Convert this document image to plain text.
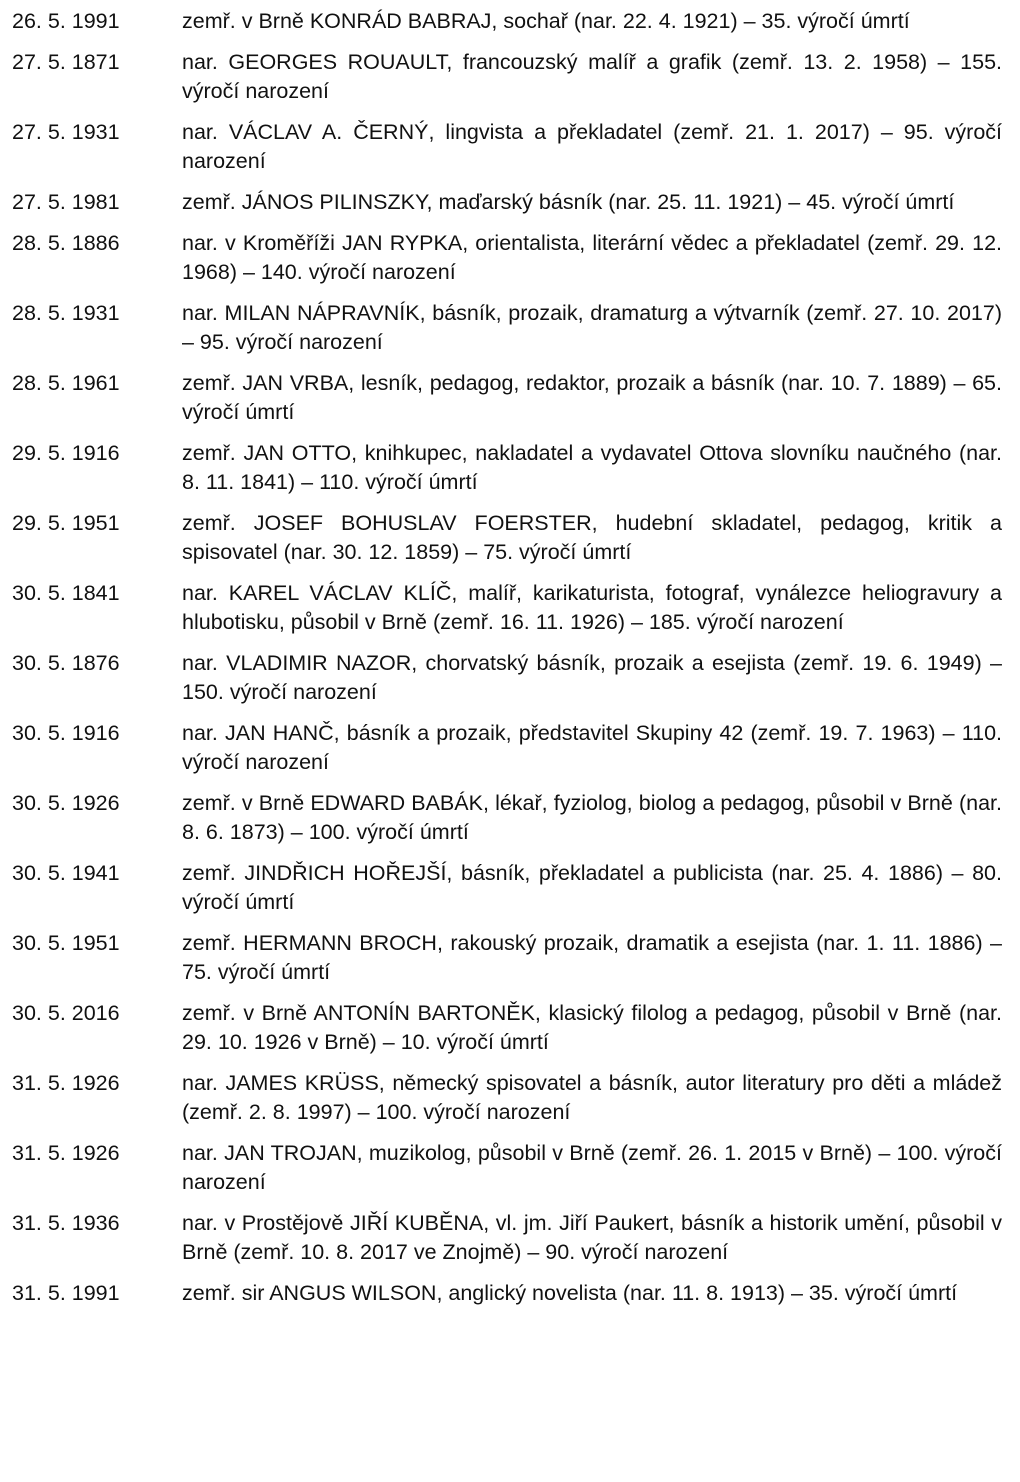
26. 5. 1991	zemř. v Brně KONRÁD BABRAJ, sochař (nar. 22. 4. 1921) – 35. výročí úmrtí
27. 5. 1871	nar. GEORGES ROUAULT, francouzský malíř a grafik (zemř. 13. 2. 1958) – 155. výročí narození
27. 5. 1931	nar. VÁCLAV A. ČERNÝ, lingvista a překladatel (zemř. 21. 1. 2017) – 95. výročí narození
27. 5. 1981	zemř. JÁNOS PILINSZKY, maďarský básník (nar. 25. 11. 1921) – 45. výročí úmrtí
28. 5. 1886	nar. v Kroměříži JAN RYPKA, orientalista, literární vědec a překladatel (zemř. 29. 12. 1968) – 140. výročí narození
28. 5. 1931	nar. MILAN NÁPRAVNÍK, básník, prozaik, dramaturg a výtvarník (zemř. 27. 10. 2017) – 95. výročí narození
28. 5. 1961	zemř. JAN VRBA, lesník, pedagog, redaktor, prozaik a básník (nar. 10. 7. 1889) – 65. výročí úmrtí
29. 5. 1916	zemř. JAN OTTO, knihkupec, nakladatel a vydavatel Ottova slovníku naučného (nar. 8. 11. 1841) – 110. výročí úmrtí
29. 5. 1951	zemř. JOSEF BOHUSLAV FOERSTER, hudební skladatel, pedagog, kritik a spisovatel (nar. 30. 12. 1859) – 75. výročí úmrtí
30. 5. 1841	nar. KAREL VÁCLAV KLÍČ, malíř, karikaturista, fotograf, vynálezce heliogravury a hlubotisku, působil v Brně (zemř. 16. 11. 1926) – 185. výročí narození
30. 5. 1876	nar. VLADIMIR NAZOR, chorvatský básník, prozaik a esejista (zemř. 19. 6. 1949) – 150. výročí narození
30. 5. 1916	nar. JAN HANČ, básník a prozaik, představitel Skupiny 42 (zemř. 19. 7. 1963) – 110. výročí narození
30. 5. 1926	zemř. v Brně EDWARD BABÁK, lékař, fyziolog, biolog a pedagog, působil v Brně (nar. 8. 6. 1873) – 100. výročí úmrtí
30. 5. 1941	zemř. JINDŘICH HOŘEJŠÍ, básník, překladatel a publicista (nar. 25. 4. 1886) – 80. výročí úmrtí
30. 5. 1951	zemř. HERMANN BROCH, rakouský prozaik, dramatik a esejista (nar. 1. 11. 1886) – 75. výročí úmrtí
30. 5. 2016	zemř. v Brně ANTONÍN BARTONĚK, klasický filolog a pedagog, působil v Brně (nar. 29. 10. 1926 v Brně) – 10. výročí úmrtí
31. 5. 1926	nar. JAMES KRÜSS, německý spisovatel a básník, autor literatury pro děti a mládež (zemř. 2. 8. 1997) – 100. výročí narození
31. 5. 1926	nar. JAN TROJAN, muzikolog, působil v Brně (zemř. 26. 1. 2015 v Brně) – 100. výročí narození
31. 5. 1936	nar. v Prostějově JIŘÍ KUBĚNA, vl. jm. Jiří Paukert, básník a historik umění, působil v Brně (zemř. 10. 8. 2017 ve Znojmě) – 90. výročí narození
31. 5. 1991	zemř. sir ANGUS WILSON, anglický novelista (nar. 11. 8. 1913) – 35. výročí úmrtí
